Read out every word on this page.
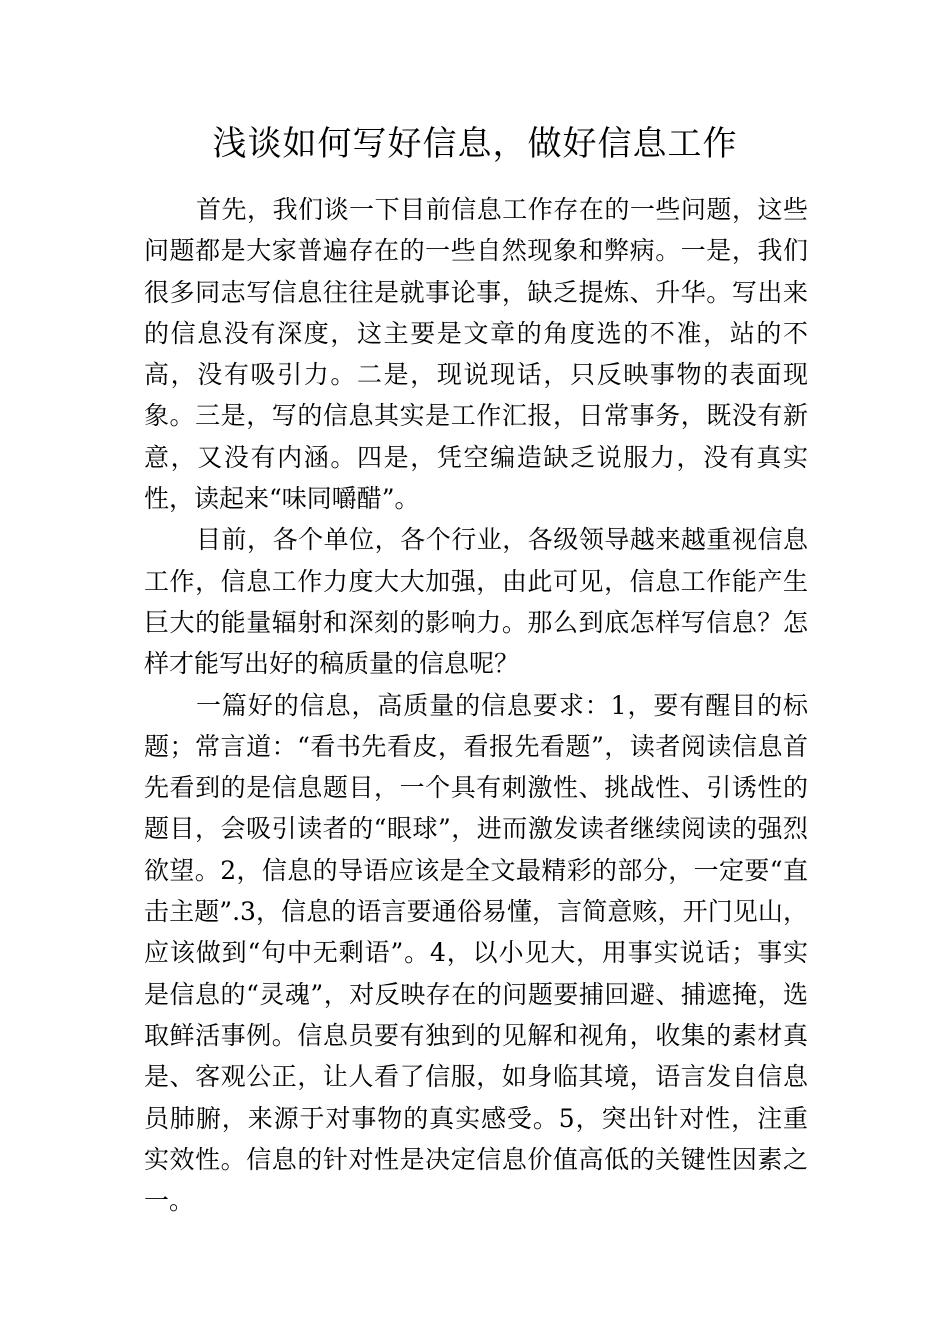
浅谈如何写好信息，做好信息工作

首先，我们谈一下目前信息工作存在的一些问题，这些问题都是大家普遍存在的一些自然现象和弊病。一是，我们很多同志写信息往往是就事论事，缺乏提炼、升华。写出来的信息没有深度，这主要是文章的角度选的不准，站的不高，没有吸引力。二是，现说现话，只反映事物的表面现象。三是，写的信息其实是工作汇报，日常事务，既没有新意，又没有内涵。四是，凭空编造缺乏说服力，没有真实性，读起来“味同嚼醋”。

目前，各个单位，各个行业，各级领导越来越重视信息工作，信息工作力度大大加强，由此可见，信息工作能产生巨大的能量辐射和深刻的影响力。那么到底怎样写信息？怎样才能写出好的稿质量的信息呢？

一篇好的信息，高质量的信息要求：1，要有醒目的标题；常言道：“看书先看皮，看报先看题”，读者阅读信息首先看到的是信息题目，一个具有刺激性、挑战性、引诱性的题目，会吸引读者的“眼球”，进而激发读者继续阅读的强烈欲望。2，信息的导语应该是全文最精彩的部分，一定要“直击主题”.3，信息的语言要通俗易懂，言简意赅，开门见山，应该做到“句中无剩语”。4，以小见大，用事实说话；事实是信息的“灵魂”，对反映存在的问题要捕回避、捕遮掩，选取鲜活事例。信息员要有独到的见解和视角，收集的素材真是、客观公正，让人看了信服，如身临其境，语言发自信息员肺腑，来源于对事物的真实感受。5，突出针对性，注重实效性。信息的针对性是决定信息价值高低的关键性因素之一。
